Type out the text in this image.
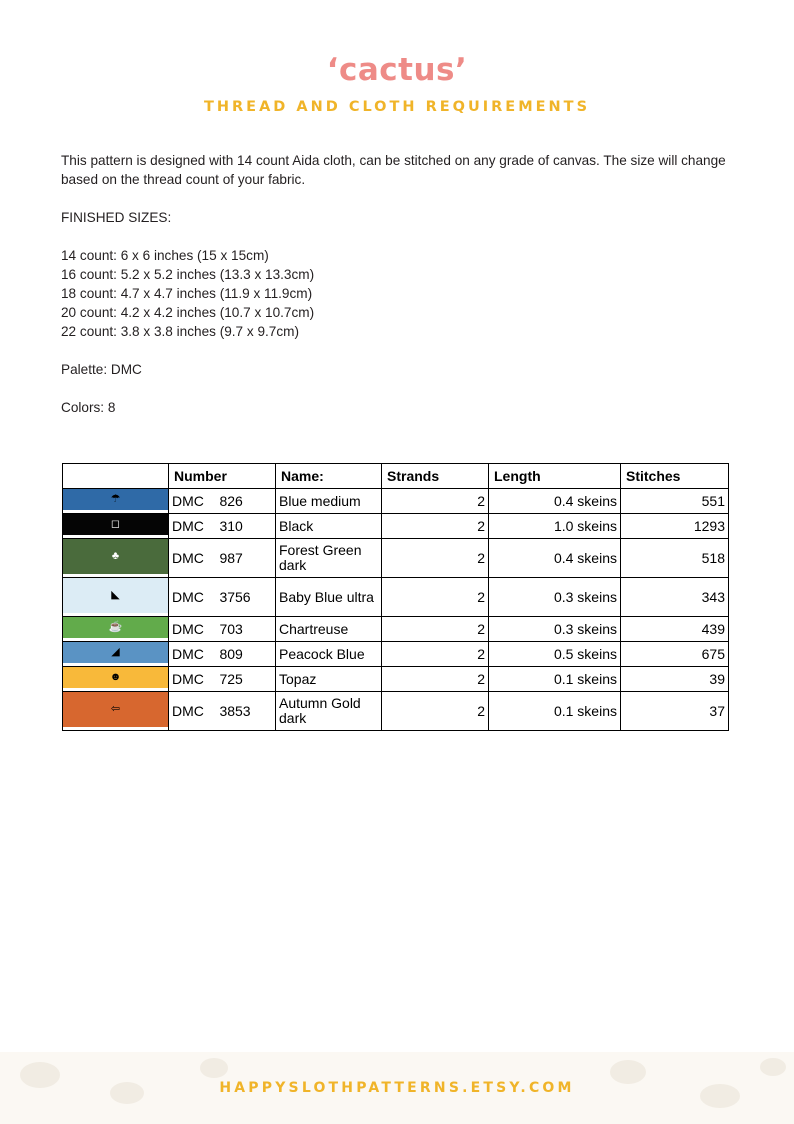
‘cactus’
THREAD AND CLOTH REQUIREMENTS

This pattern is designed with 14 count Aida cloth, can be stitched on any grade of canvas. The size will change based on the thread count of your fabric.

FINISHED SIZES:

14 count: 6 x 6 inches (15 x 15cm)

16 count: 5.2 x 5.2 inches (13.3 x 13.3cm)

18 count: 4.7 x 4.7 inches (11.9 x 11.9cm)

20 count: 4.2 x 4.2 inches (10.7 x 10.7cm)

22 count: 3.8 x 3.8 inches (9.7 x 9.7cm)

Palette: DMC

Colors: 8

	Number	Name:	Strands	Length	Stitches

☂	DMC    826	Blue medium	2	0.4 skeins	551

◻	DMC    310	Black	2	1.0 skeins	1293

♣	DMC    987	Forest Green dark	2	0.4 skeins	518

◣	DMC    3756	Baby Blue ultra	2	0.3 skeins	343

☕	DMC    703	Chartreuse	2	0.3 skeins	439

◢	DMC    809	Peacock Blue	2	0.5 skeins	675

☻	DMC    725	Topaz	2	0.1 skeins	39

⇦	DMC    3853	Autumn Gold dark	2	0.1 skeins	37
HAPPYSLOTHPATTERNS.ETSY.COM
